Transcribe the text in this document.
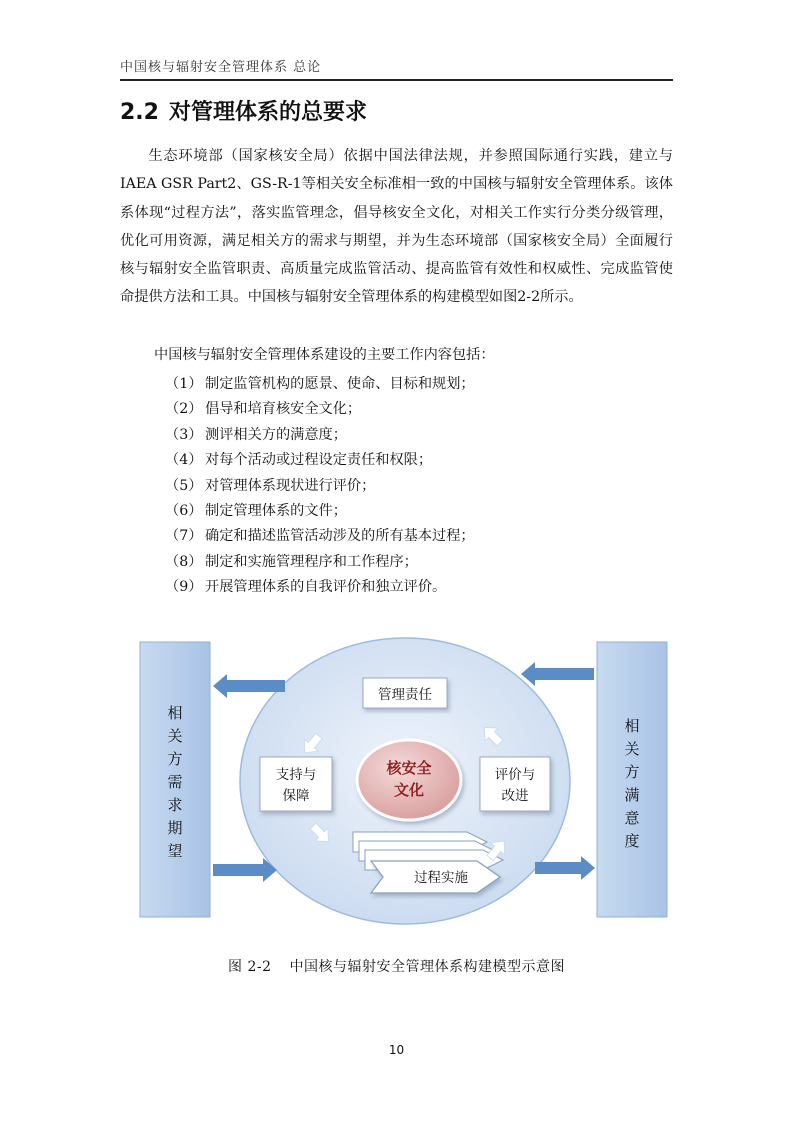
中国核与辐射安全管理体系 总论
2.2 对管理体系的总要求

生态环境部（国家核安全局）依据中国法律法规，并参照国际通行实践，建立与IAEA GSR Part2、GS-R-1等相关安全标准相一致的中国核与辐射安全管理体系。该体系体现“过程方法”，落实监管理念，倡导核安全文化，对相关工作实行分类分级管理，优化可用资源，满足相关方的需求与期望，并为生态环境部（国家核安全局）全面履行核与辐射安全监管职责、高质量完成监管活动、提高监管有效性和权威性、完成监管使命提供方法和工具。中国核与辐射安全管理体系的构建模型如图2-2所示。

中国核与辐射安全管理体系建设的主要工作内容包括：
（1） 制定监管机构的愿景、使命、目标和规划；
（2） 倡导和培育核安全文化；
（3） 测评相关方的满意度；
（4） 对每个活动或过程设定责任和权限；
（5） 对管理体系现状进行评价；
（6） 制定管理体系的文件；
（7） 确定和描述监管活动涉及的所有基本过程；
（8） 制定和实施管理程序和工作程序；
（9） 开展管理体系的自我评价和独立评价。
相
关
方
需
求
期
望
相
关
方
满
意
度
管理责任
支持与
保障
评价与
改进
核安全
文化
过程实施
图 2-2 中国核与辐射安全管理体系构建模型示意图
10
